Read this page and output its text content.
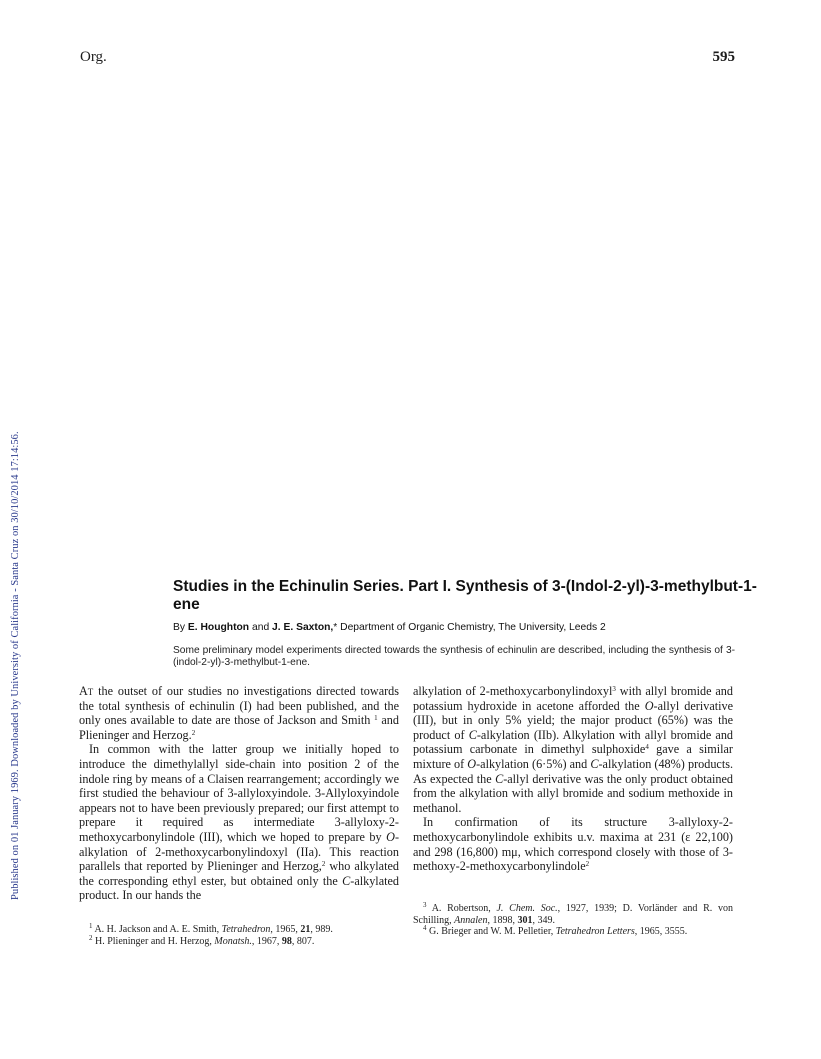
Org.	595
Published on 01 January 1969. Downloaded by University of California - Santa Cruz on 30/10/2014 17:14:56.	Studies in the Echinulin Series. Part I. Synthesis of 3-(Indol-2-yl)-3-methylbut-1-ene
By E. Houghton and J. E. Saxton,* Department of Organic Chemistry, The University, Leeds 2
Some preliminary model experiments directed towards the synthesis of echinulin are described, including the synthesis of 3-(indol-2-yl)-3-methylbut-1-ene.

At the outset of our studies no investigations directed towards the total synthesis of echinulin (I) had been published, and the only ones available to date are those of Jackson and Smith $^1$ and Plieninger and Herzog.$^2$

In common with the latter group we initially hoped to introduce the dimethylallyl side-chain into position 2 of the indole ring by means of a Claisen rearrangement; accordingly we first studied the behaviour of 3-allyloxyindole. 3-Allyloxyindole appears not to have been previously prepared; our first attempt to prepare it required as intermediate 3-allyloxy-2-methoxycarbonylindole (III), which we hoped to prepare by O-alkylation of 2-methoxycarbonylindoxyl (IIa). This reaction parallels that reported by Plieninger and Herzog,$^2$ who alkylated the corresponding ethyl ester, but obtained only the C-alkylated product. In our hands the

alkylation of 2-methoxycarbonylindoxyl$^3$ with allyl bromide and potassium hydroxide in acetone afforded the O-allyl derivative (III), but in only 5% yield; the major product (65%) was the product of C-alkylation (IIb). Alkylation with allyl bromide and potassium carbonate in dimethyl sulphoxide$^4$ gave a similar mixture of O-alkylation (6·5%) and C-alkylation (48%) products. As expected the C-allyl derivative was the only product obtained from the alkylation with allyl bromide and sodium methoxide in methanol.

In confirmation of its structure 3-allyloxy-2-methoxycarbonylindole exhibits u.v. maxima at 231 (ε 22,100) and 298 (16,800) mμ, which correspond closely with those of 3-methoxy-2-methoxycarbonylindole$^2$

$^1$ A. H. Jackson and A. E. Smith, Tetrahedron, 1965, 21, 989.

$^2$ H. Plieninger and H. Herzog, Monatsh., 1967, 98, 807.

$^3$ A. Robertson, J. Chem. Soc., 1927, 1939; D. Vorländer and R. von Schilling, Annalen, 1898, 301, 349.

$^4$ G. Brieger and W. M. Pelletier, Tetrahedron Letters, 1965, 3555.
